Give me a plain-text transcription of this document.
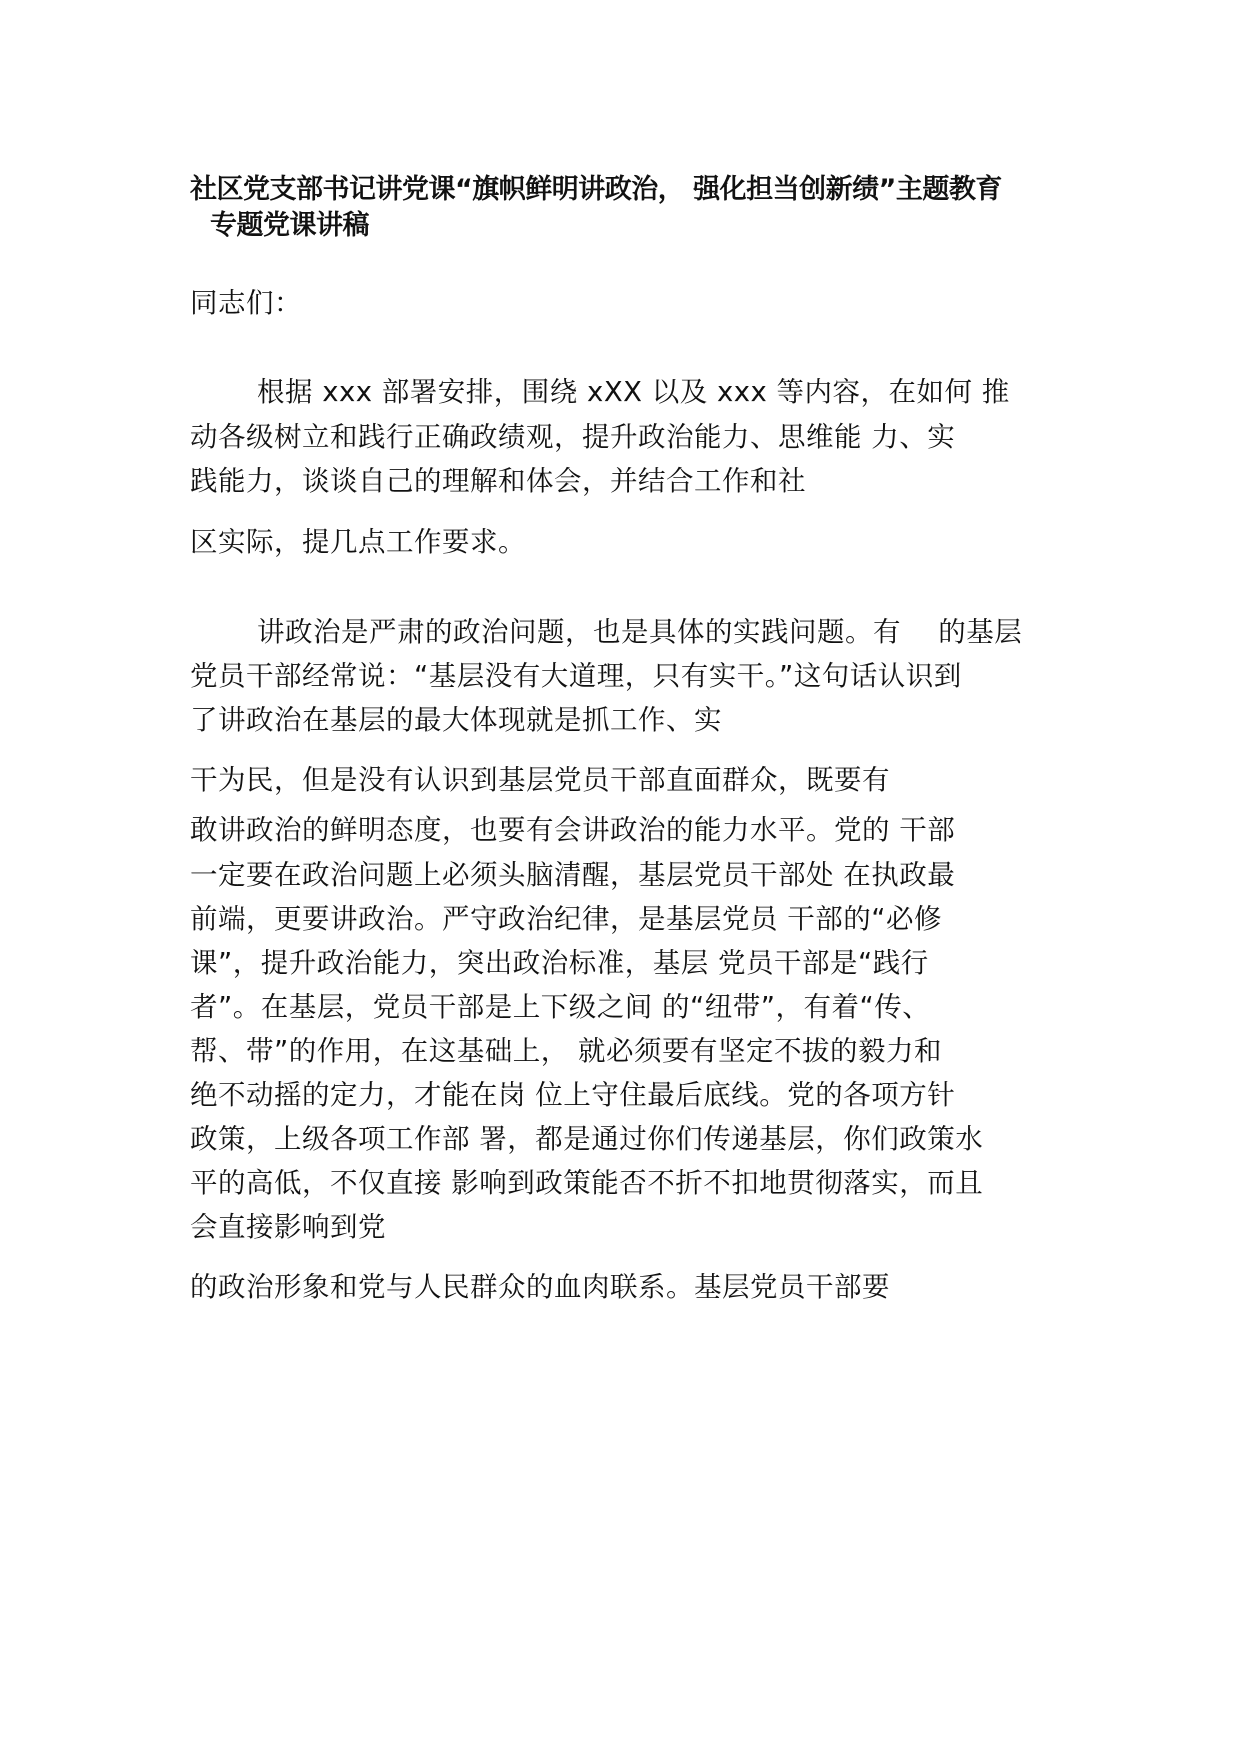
社区党支部书记讲党课“旗帜鲜明讲政治， 强化担当创新绩”主题教育
专题党课讲稿
同志们：
根据 xxx 部署安排，围绕 xXX 以及 xxx 等内容，在如何 推
动各级树立和践行正确政绩观，提升政治能力、思维能 力、实
践能力，谈谈自己的理解和体会，并结合工作和社
区实际，提几点工作要求。
讲政治是严肃的政治问题，也是具体的实践问题。有　 的基层
党员干部经常说：“基层没有大道理，只有实干。”这句话认识到
了讲政治在基层的最大体现就是抓工作、实
干为民，但是没有认识到基层党员干部直面群众，既要有
敢讲政治的鲜明态度，也要有会讲政治的能力水平。党的 干部
一定要在政治问题上必须头脑清醒，基层党员干部处 在执政最
前端，更要讲政治。严守政治纪律，是基层党员 干部的“必修
课”，提升政治能力，突出政治标准，基层 党员干部是“践行
者”。在基层，党员干部是上下级之间 的“纽带”，有着“传、
帮、带”的作用，在这基础上， 就必须要有坚定不拔的毅力和
绝不动摇的定力，才能在岗 位上守住最后底线。党的各项方针
政策，上级各项工作部 署，都是通过你们传递基层，你们政策水
平的高低，不仅直接 影响到政策能否不折不扣地贯彻落实，而且
会直接影响到党
的政治形象和党与人民群众的血肉联系。基层党员干部要
